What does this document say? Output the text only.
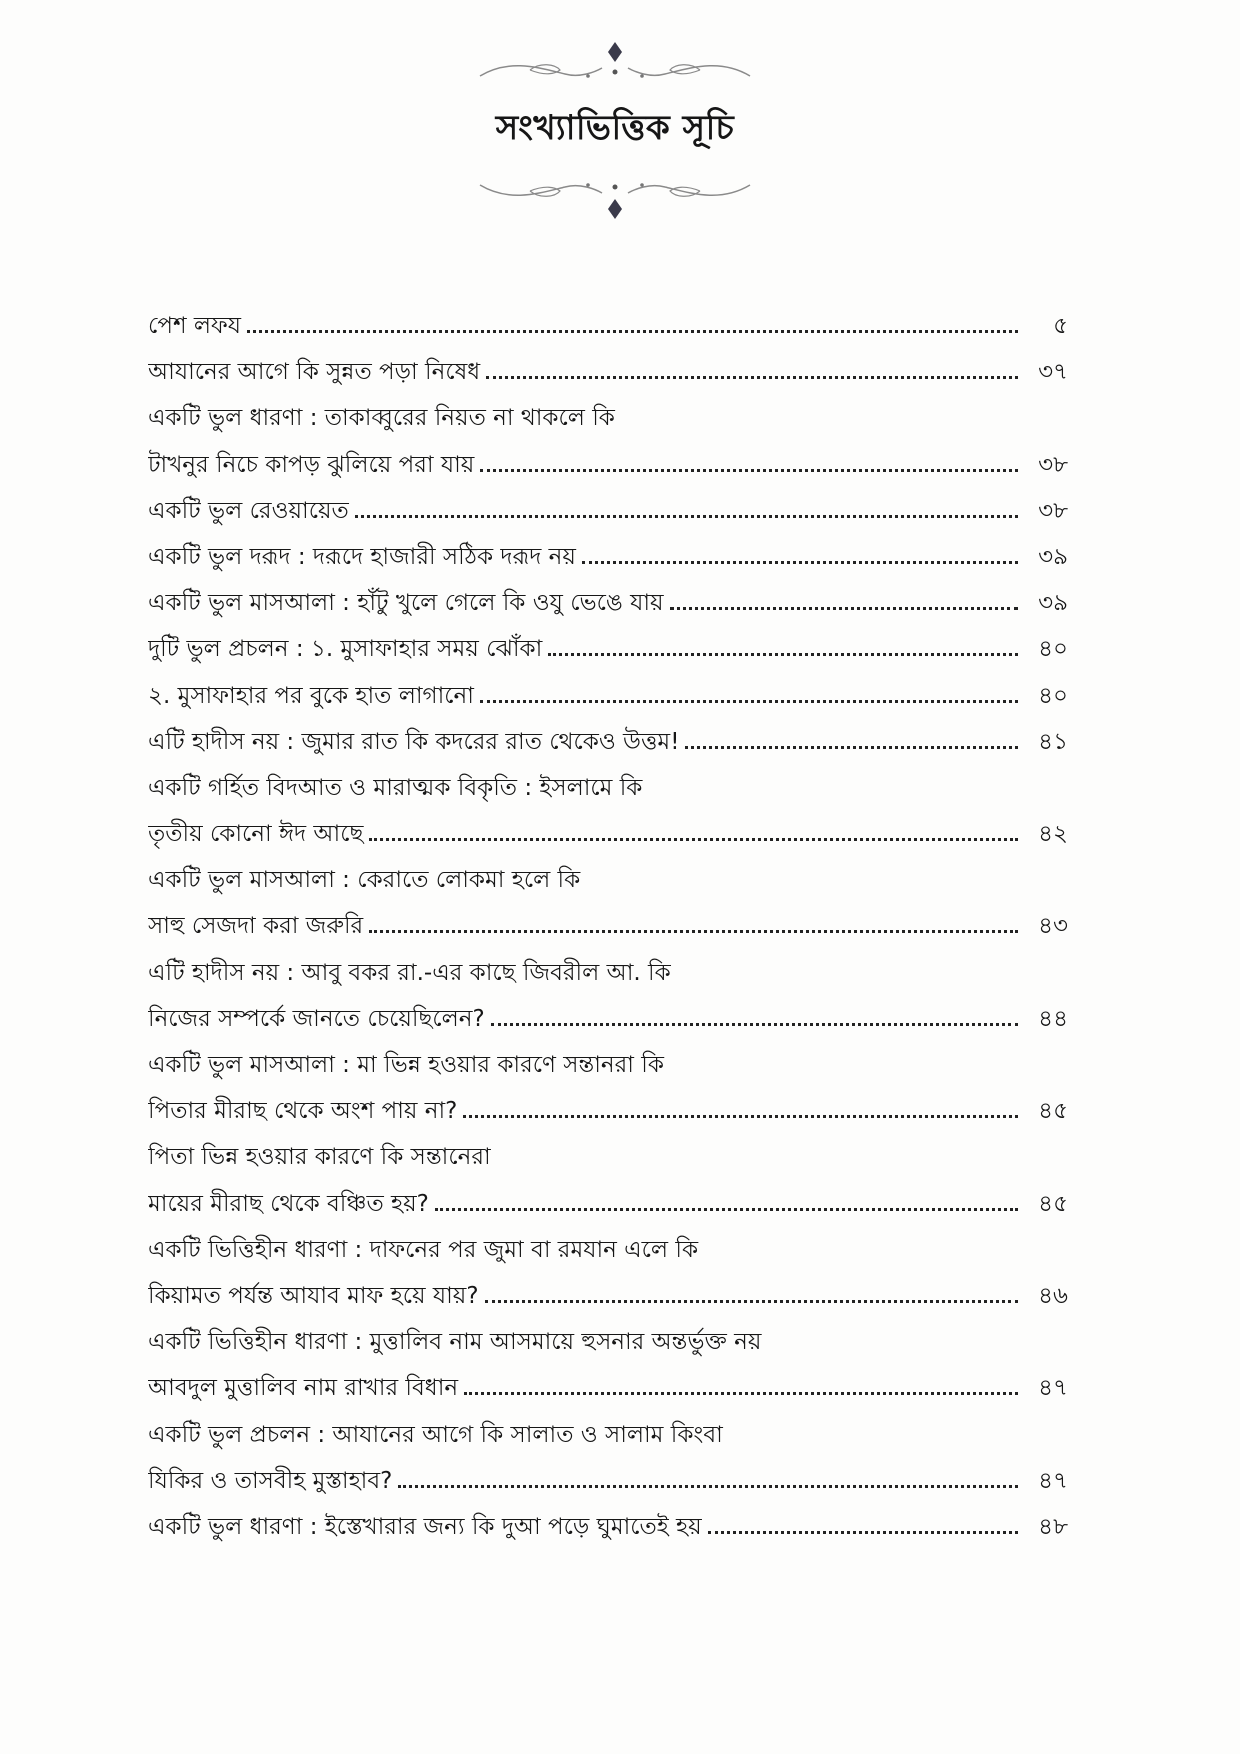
সংখ্যাভিত্তিক সূচি
পেশ লফয	৫
আযানের আগে কি সুন্নত পড়া নিষেধ	৩৭
একটি ভুল ধারণা : তাকাব্বুরের নিয়ত না থাকলে কি
টাখনুর নিচে কাপড় ঝুলিয়ে পরা যায়	৩৮
একটি ভুল রেওয়ায়েত	৩৮
একটি ভুল দরূদ : দরূদে হাজারী সঠিক দরূদ নয়	৩৯
একটি ভুল মাসআলা : হাঁটু খুলে গেলে কি ওযু ভেঙে যায়	৩৯
দুটি ভুল প্রচলন : ১. মুসাফাহার সময় ঝোঁকা	৪০
২. মুসাফাহার পর বুকে হাত লাগানো	৪০
এটি হাদীস নয় : জুমার রাত কি কদরের রাত থেকেও উত্তম!	৪১
একটি গর্হিত বিদআত ও মারাত্মক বিকৃতি : ইসলামে কি
তৃতীয় কোনো ঈদ আছে	৪২
একটি ভুল মাসআলা : কেরাতে লোকমা হলে কি
সাহু সেজদা করা জরুরি	৪৩
এটি হাদীস নয় : আবু বকর রা.-এর কাছে জিবরীল আ. কি
নিজের সম্পর্কে জানতে চেয়েছিলেন?	৪৪
একটি ভুল মাসআলা : মা ভিন্ন হওয়ার কারণে সন্তানরা কি
পিতার মীরাছ থেকে অংশ পায় না?	৪৫
পিতা ভিন্ন হওয়ার কারণে কি সন্তানেরা
মায়ের মীরাছ থেকে বঞ্চিত হয়?	৪৫
একটি ভিত্তিহীন ধারণা : দাফনের পর জুমা বা রমযান এলে কি
কিয়ামত পর্যন্ত আযাব মাফ হয়ে যায়?	৪৬
একটি ভিত্তিহীন ধারণা : মুত্তালিব নাম আসমায়ে হুসনার অন্তর্ভুক্ত নয়
আবদুল মুত্তালিব নাম রাখার বিধান	৪৭
একটি ভুল প্রচলন : আযানের আগে কি সালাত ও সালাম কিংবা
যিকির ও তাসবীহ মুস্তাহাব?	৪৭
একটি ভুল ধারণা : ইস্তেখারার জন্য কি দুআ পড়ে ঘুমাতেই হয়	৪৮
